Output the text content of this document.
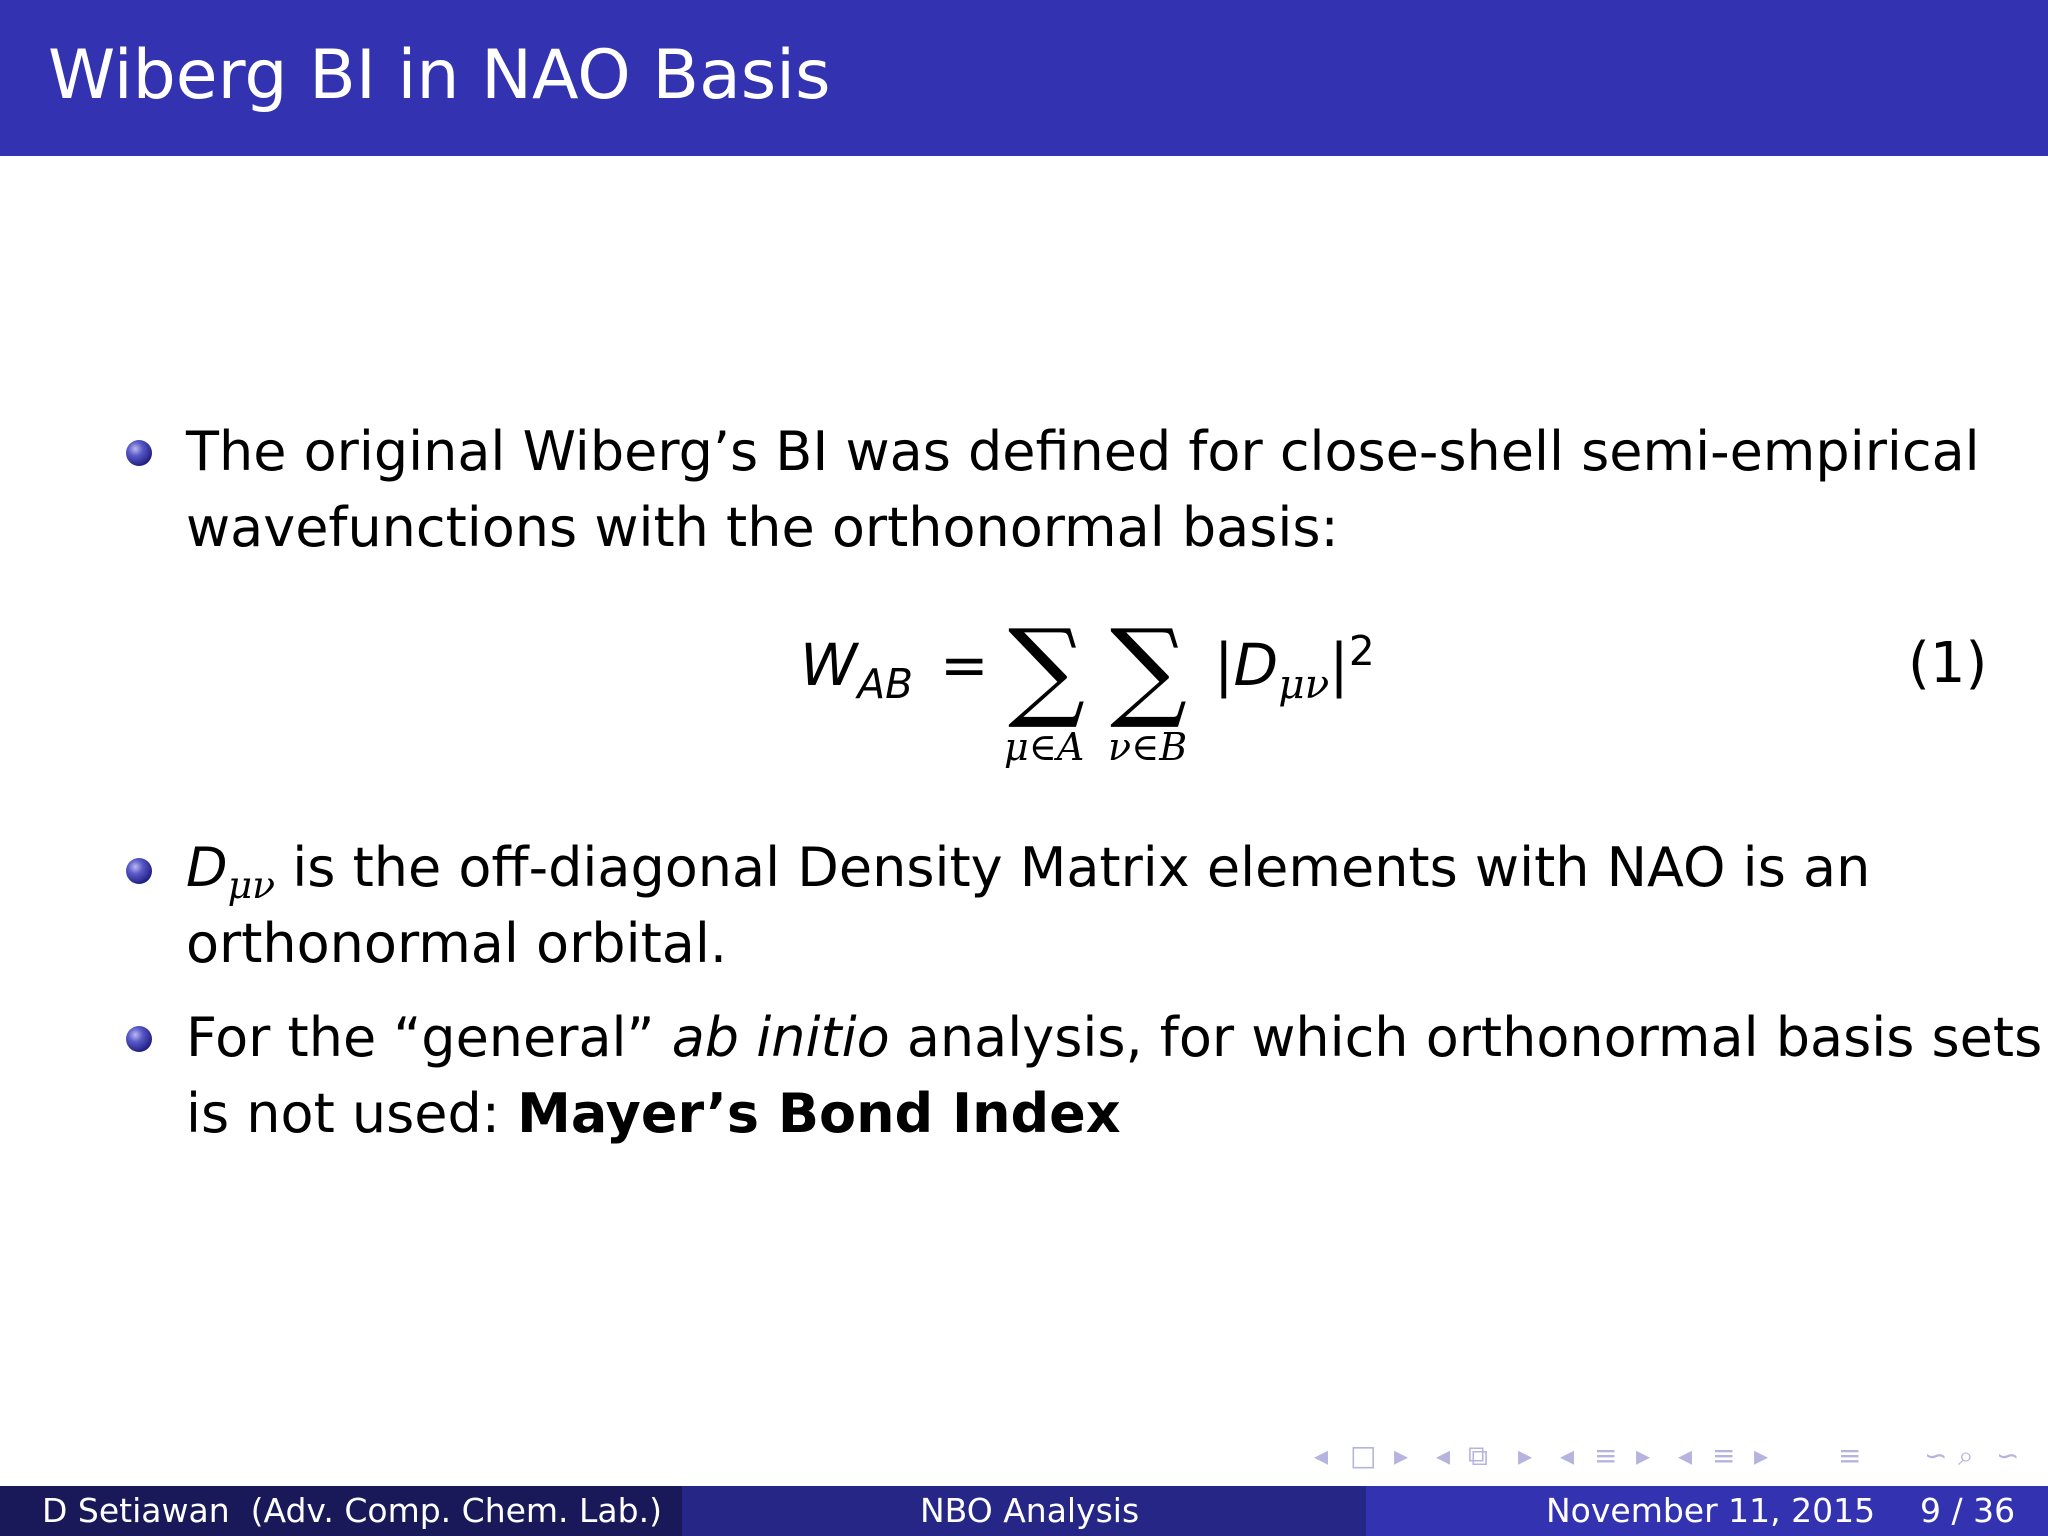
Wiberg BI in NAO Basis
The original Wiberg’s BI was defined for close-shell semi-empirical
wavefunctions with the orthonormal basis:
$W_{AB}$ = ∑ ∑
μ∈A ν∈B
$|D_{\mu\nu}|^2$	(1)
$D_{\mu\nu}$ is the off-diagonal Density Matrix elements with NAO is an
orthonormal orbital.
For the “general” ab initio analysis, for which orthonormal basis sets
is not used: Mayer’s Bond Index
◂ □ ▸ ◂ ⧉ ▸ ◂ ≡ ▸ ◂ ≡ ▸ ≡ ∽ ⌕ ∽
D Setiawan  (Adv. Comp. Chem. Lab.)	NBO Analysis	November 11, 2015 9 / 36
